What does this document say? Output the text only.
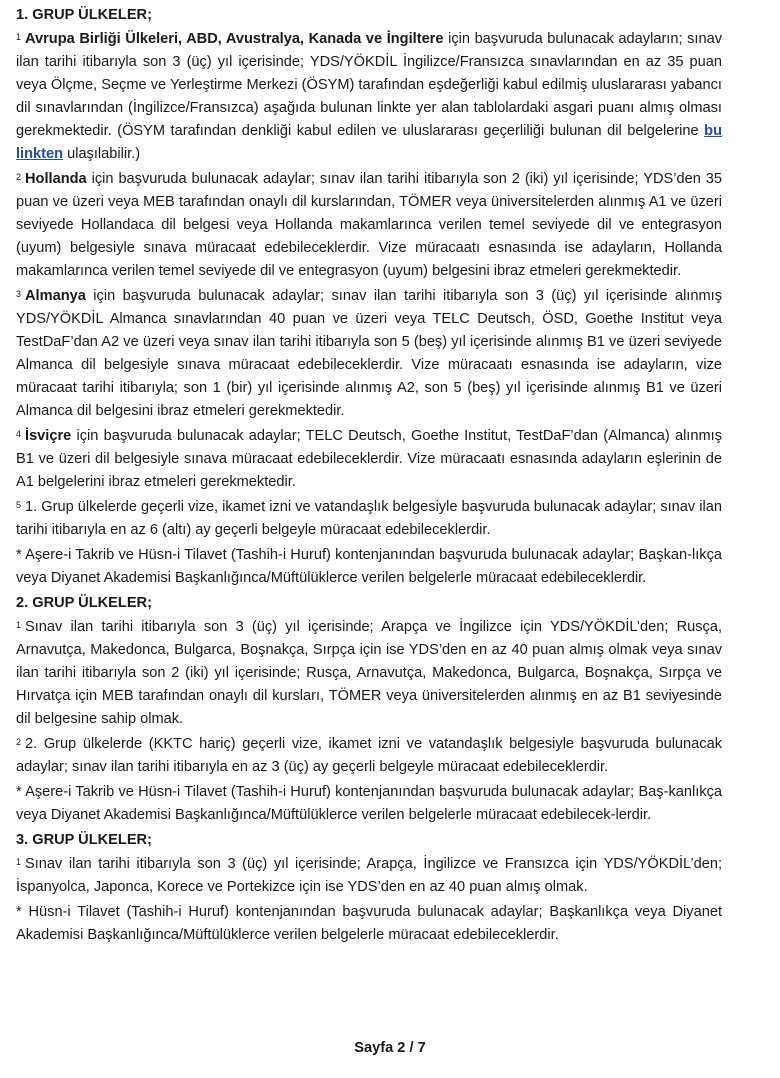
1. GRUP ÜLKELER;

$^1$ Avrupa Birliği Ülkeleri, ABD, Avustralya, Kanada ve İngiltere için başvuruda bulunacak adayların; sınav ilan tarihi itibarıyla son 3 (üç) yıl içerisinde; YDS/YÖKDİL İngilizce/Fransızca sınavlarından en az 35 puan veya Ölçme, Seçme ve Yerleştirme Merkezi (ÖSYM) tarafından eşdeğerliği kabul edilmiş uluslararası yabancı dil sınavlarından (İngilizce/Fransızca) aşağıda bulunan linkte yer alan tablolardaki asgari puanı almış olması gerekmektedir. (ÖSYM tarafından denkliği kabul edilen ve uluslararası geçerliliği bulunan dil belgelerine bu linkten ulaşılabilir.)

$^2$ Hollanda için başvuruda bulunacak adaylar; sınav ilan tarihi itibarıyla son 2 (iki) yıl içerisinde; YDS’den 35 puan ve üzeri veya MEB tarafından onaylı dil kurslarından, TÖMER veya üniversitelerden alınmış A1 ve üzeri seviyede Hollandaca dil belgesi veya Hollanda makamlarınca verilen temel seviyede dil ve entegrasyon (uyum) belgesiyle sınava müracaat edebileceklerdir. Vize müracaatı esnasında ise adayların, Hollanda makamlarınca verilen temel seviyede dil ve entegrasyon (uyum) belgesini ibraz etmeleri gerekmektedir.

$^3$ Almanya için başvuruda bulunacak adaylar; sınav ilan tarihi itibarıyla son 3 (üç) yıl içerisinde alınmış YDS/YÖKDİL Almanca sınavlarından 40 puan ve üzeri veya TELC Deutsch, ÖSD, Goethe Institut veya TestDaF’dan A2 ve üzeri veya sınav ilan tarihi itibarıyla son 5 (beş) yıl içerisinde alınmış B1 ve üzeri seviyede Almanca dil belgesiyle sınava müracaat edebileceklerdir. Vize müracaatı esnasında ise adayların, vize müracaat tarihi itibarıyla; son 1 (bir) yıl içerisinde alınmış A2, son 5 (beş) yıl içerisinde alınmış B1 ve üzeri Almanca dil belgesini ibraz etmeleri gerekmektedir.

$^4$ İsviçre için başvuruda bulunacak adaylar; TELC Deutsch, Goethe Institut, TestDaF’dan (Almanca) alınmış B1 ve üzeri dil belgesiyle sınava müracaat edebileceklerdir. Vize müracaatı esnasında adayların eşlerinin de A1 belgelerini ibraz etmeleri gerekmektedir.

$^5$ 1. Grup ülkelerde geçerli vize, ikamet izni ve vatandaşlık belgesiyle başvuruda bulunacak adaylar; sınav ilan tarihi itibarıyla en az 6 (altı) ay geçerli belgeyle müracaat edebileceklerdir.

* Aşere-i Takrib ve Hüsn-i Tilavet (Tashih-i Huruf) kontenjanından başvuruda bulunacak adaylar; Başkan-lıkça veya Diyanet Akademisi Başkanlığınca/Müftülüklerce verilen belgelerle müracaat edebileceklerdir.

2. GRUP ÜLKELER;

$^1$ Sınav ilan tarihi itibarıyla son 3 (üç) yıl içerisinde; Arapça ve İngilizce için YDS/YÖKDİL’den; Rusça, Arnavutça, Makedonca, Bulgarca, Boşnakça, Sırpça için ise YDS’den en az 40 puan almış olmak veya sınav ilan tarihi itibarıyla son 2 (iki) yıl içerisinde; Rusça, Arnavutça, Makedonca, Bulgarca, Boşnakça, Sırpça ve Hırvatça için MEB tarafından onaylı dil kursları, TÖMER veya üniversitelerden alınmış en az B1 seviyesinde dil belgesine sahip olmak.

$^2$ 2. Grup ülkelerde (KKTC hariç) geçerli vize, ikamet izni ve vatandaşlık belgesiyle başvuruda bulunacak adaylar; sınav ilan tarihi itibarıyla en az 3 (üç) ay geçerli belgeyle müracaat edebileceklerdir.

* Aşere-i Takrib ve Hüsn-i Tilavet (Tashih-i Huruf) kontenjanından başvuruda bulunacak adaylar; Baş-kanlıkça veya Diyanet Akademisi Başkanlığınca/Müftülüklerce verilen belgelerle müracaat edebilecek-lerdir.

3. GRUP ÜLKELER;

$^1$ Sınav ilan tarihi itibarıyla son 3 (üç) yıl içerisinde; Arapça, İngilizce ve Fransızca için YDS/YÖKDİL’den; İspanyolca, Japonca, Korece ve Portekizce için ise YDS’den en az 40 puan almış olmak.

* Hüsn-i Tilavet (Tashih-i Huruf) kontenjanından başvuruda bulunacak adaylar; Başkanlıkça veya Diyanet Akademisi Başkanlığınca/Müftülüklerce verilen belgelerle müracaat edebileceklerdir.

Sayfa 2 / 7
